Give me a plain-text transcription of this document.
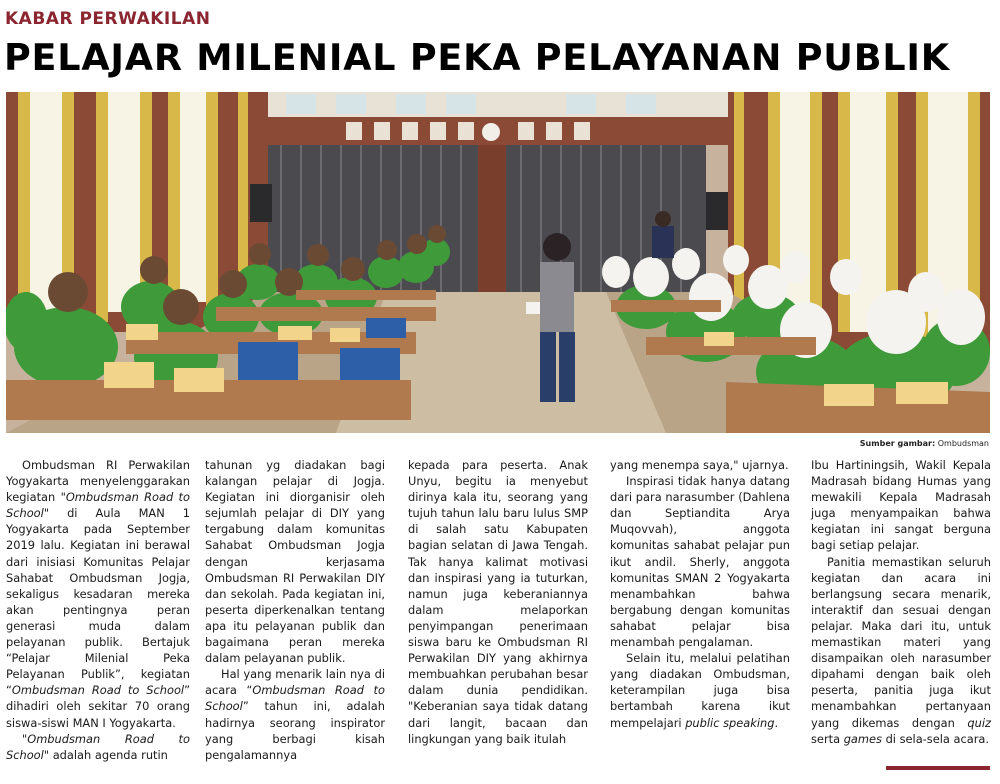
KABAR PERWAKILAN
PELAJAR MILENIAL PEKA PELAYANAN PUBLIK
Sumber gambar: Ombudsman

Ombudsman RI Perwakilan Yogyakarta menyelenggarakan kegiatan "Ombudsman Road to School" di Aula MAN 1 Yogyakarta pada September 2019 lalu. Kegiatan ini berawal dari inisiasi Komunitas Pelajar Sahabat Ombudsman Jogja, sekaligus kesadaran mereka akan pentingnya peran generasi muda dalam pelayanan publik. Bertajuk “Pelajar Milenial Peka Pelayanan Publik”, kegiatan “Ombudsman Road to School” dihadiri oleh sekitar 70 orang siswa-siswi MAN I Yogyakarta.

"Ombudsman Road to School" adalah agenda rutin

tahunan yg diadakan bagi kalangan pelajar di Jogja. Kegiatan ini diorganisir oleh sejumlah pelajar di DIY yang tergabung dalam komunitas Sahabat Ombudsman Jogja dengan kerjasama Ombudsman RI Perwakilan DIY dan sekolah. Pada kegiatan ini, peserta diperkenalkan tentang apa itu pelayanan publik dan bagaimana peran mereka dalam pelayanan publik.

Hal yang menarik lain nya di acara “Ombudsman Road to School” tahun ini, adalah hadirnya seorang inspirator yang berbagi kisah pengalamannya

kepada para peserta. Anak Unyu, begitu ia menyebut dirinya kala itu, seorang yang tujuh tahun lalu baru lulus SMP di salah satu Kabupaten bagian selatan di Jawa Tengah. Tak hanya kalimat motivasi dan inspirasi yang ia tuturkan, namun juga keberaniannya dalam melaporkan penyimpangan penerimaan siswa baru ke Ombudsman RI Perwakilan DIY yang akhirnya membuahkan perubahan besar dalam dunia pendidikan. "Keberanian saya tidak datang dari langit, bacaan dan lingkungan yang baik itulah

yang menempa saya," ujarnya.

Inspirasi tidak hanya datang dari para narasumber (Dahlena dan Septiandita Arya Muqovvah), anggota komunitas sahabat pelajar pun ikut andil. Sherly, anggota komunitas SMAN 2 Yogyakarta menambahkan bahwa bergabung dengan komunitas sahabat pelajar bisa menambah pengalaman.

Selain itu, melalui pelatihan yang diadakan Ombudsman, keterampilan juga bisa bertambah karena ikut mempelajari public speaking.

Ibu Hartiningsih, Wakil Kepala Madrasah bidang Humas yang mewakili Kepala Madrasah juga menyampaikan bahwa kegiatan ini sangat berguna bagi setiap pelajar.

Panitia memastikan seluruh kegiatan dan acara ini berlangsung secara menarik, interaktif dan sesuai dengan pelajar. Maka dari itu, untuk memastikan materi yang disampaikan oleh narasumber dipahami dengan baik oleh peserta, panitia juga ikut menambahkan pertanyaan yang dikemas dengan quiz serta games di sela-sela acara.
